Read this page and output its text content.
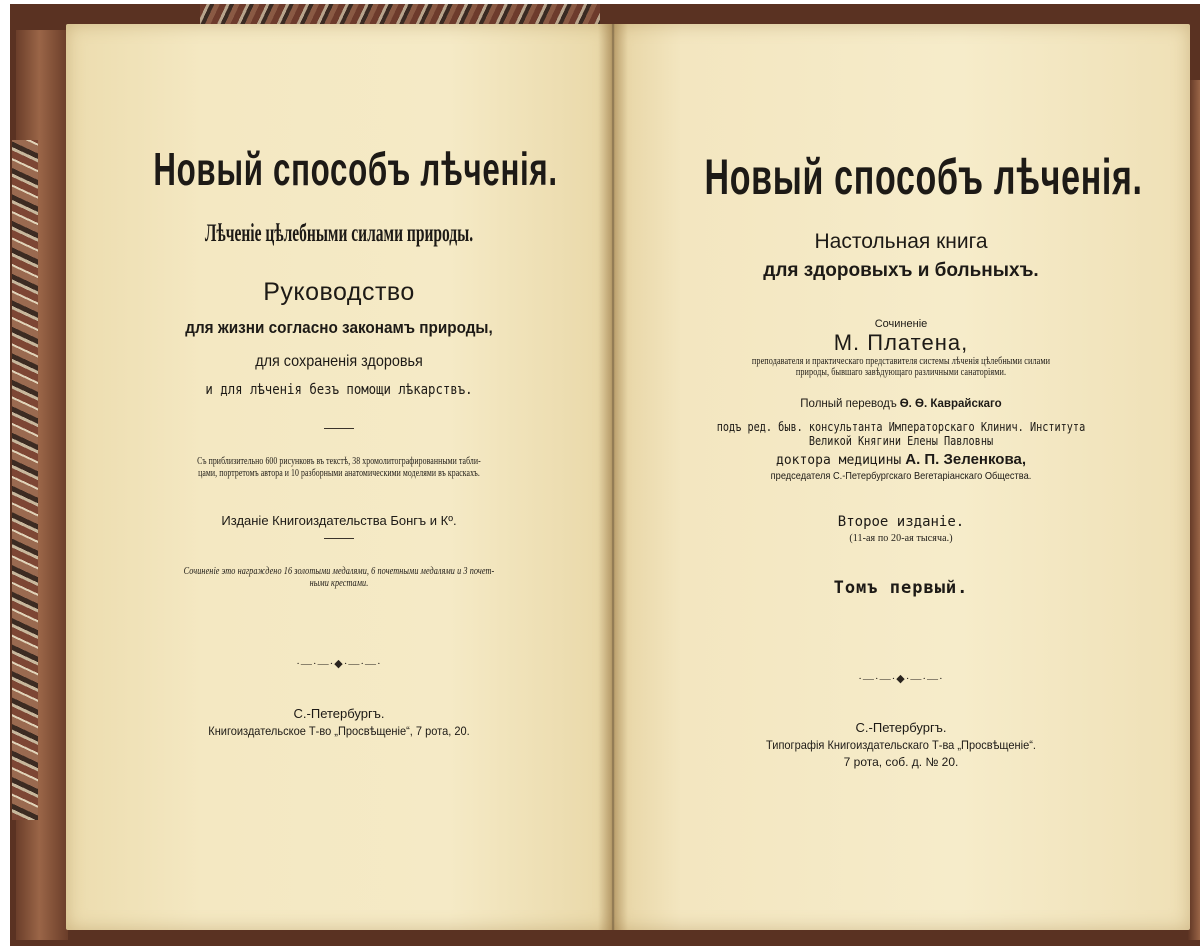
Новый способъ лѣченія.
Лѣченіе цѣлебными силами природы.
Руководство
для жизни согласно законамъ природы,
для сохраненія здоровья
и для лѣченія безъ помощи лѣкарствъ.
Съ приблизительно 600 рисунковъ въ текстѣ, 38 хромолитографированными табли-
цами, портретомъ автора и 10 разборными анатомическими моделями въ краскахъ.
Изданіе Книгоиздательства Бонгъ и Кº.
Сочиненіе это награждено 16 золотыми медалями, 6 почетными медалями и 3 почет-
ными крестами.
·—·—·◆·—·—·
С.-Петербургъ.
Книгоиздательское Т-во „Просвѣщеніе“, 7 рота, 20.
Новый способъ лѣченія.
Настольная книга
для здоровыхъ и больныхъ.
Сочиненіе
М. Платена,
преподавателя и практическаго представителя системы лѣченія цѣлебными силами
природы, бывшаго завѣдующаго различными санаторіями.
Полный переводъ Ѳ. Ѳ. Каврайскаго
подъ ред. быв. консультанта Императорскаго Клинич. Института
Великой Княгини Елены Павловны
доктора медицины А. П. Зеленкова,
председателя С.-Петербургскаго Вегетаріанскаго Общества.
Второе изданіе.
(11-ая по 20-ая тысяча.)
Томъ первый.
·—·—·◆·—·—·
С.-Петербургъ.
Типографія Книгоиздательскаго Т-ва „Просвѣщеніе“.
7 рота, соб. д. № 20.
